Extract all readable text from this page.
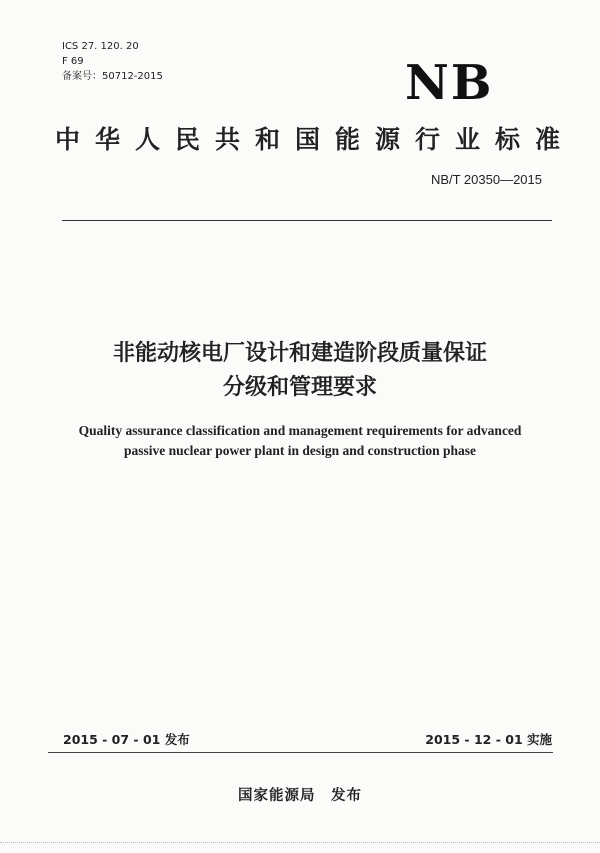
ICS 27. 120. 20
F 69
备案号：50712-2015	NB
中华人民共和国能源行业标准
NB/T 20350—2015
非能动核电厂设计和建造阶段质量保证
分级和管理要求
Quality assurance classification and management requirements for advanced
passive nuclear power plant in design and construction phase
2015 - 07 - 01 发布	2015 - 12 - 01 实施
国家能源局　发布
